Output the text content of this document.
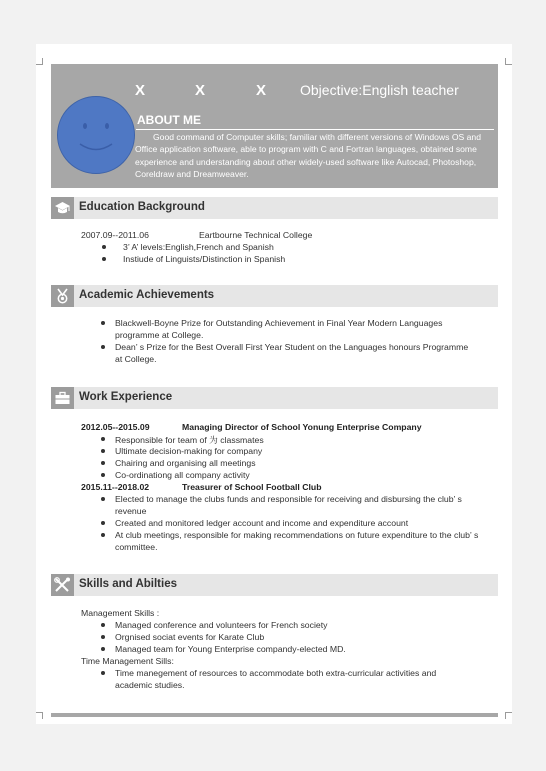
X	X	X Objective:English teacher
ABOUT ME
Good command of Computer skills; familiar with different versions of Windows OS and Office application software, able to program with C and Fortran languages, obtained some experience and understanding about other widely-used software like Autocad, Photoshop, Coreldraw and Dreamweaver.
Education Background
2007.09--2011.06	Eartbourne Technical College
3’ A’ levels:English,French and Spanish
Instiude of Linguists/Distinction in Spanish
Academic Achievements
Blackwell-Boyne Prize for Outstanding Achievement in Final Year Modern Languages programme at College.
Dean’ s Prize for the Best Overall First Year Student on the Languages honours Programme at College.
Work Experience
2012.05--2015.09	Managing Director of School Yonung Enterprise Company
Responsible for team of 为 classmates
Ultimate decision-making for company
Chairing and organising all meetings
Co-ordinationg all company activity
2015.11--2018.02	Treasurer of School Football Club
Elected to manage the clubs funds and responsible for receiving and disbursing the club’ s revenue
Created and monitored ledger account and income and expenditure account
At club meetings, responsible for making recommendations on future expenditure to the club’ s committee.
Skills and Abilties
Management Skills :
Managed conference and volunteers for French society
Orgnised sociat events for Karate Club
Managed team for Young Enterprise compandy-elected MD.
Time Management Sills:
Time manegement of resources to accommodate both extra-curricular activities and academic studies.
